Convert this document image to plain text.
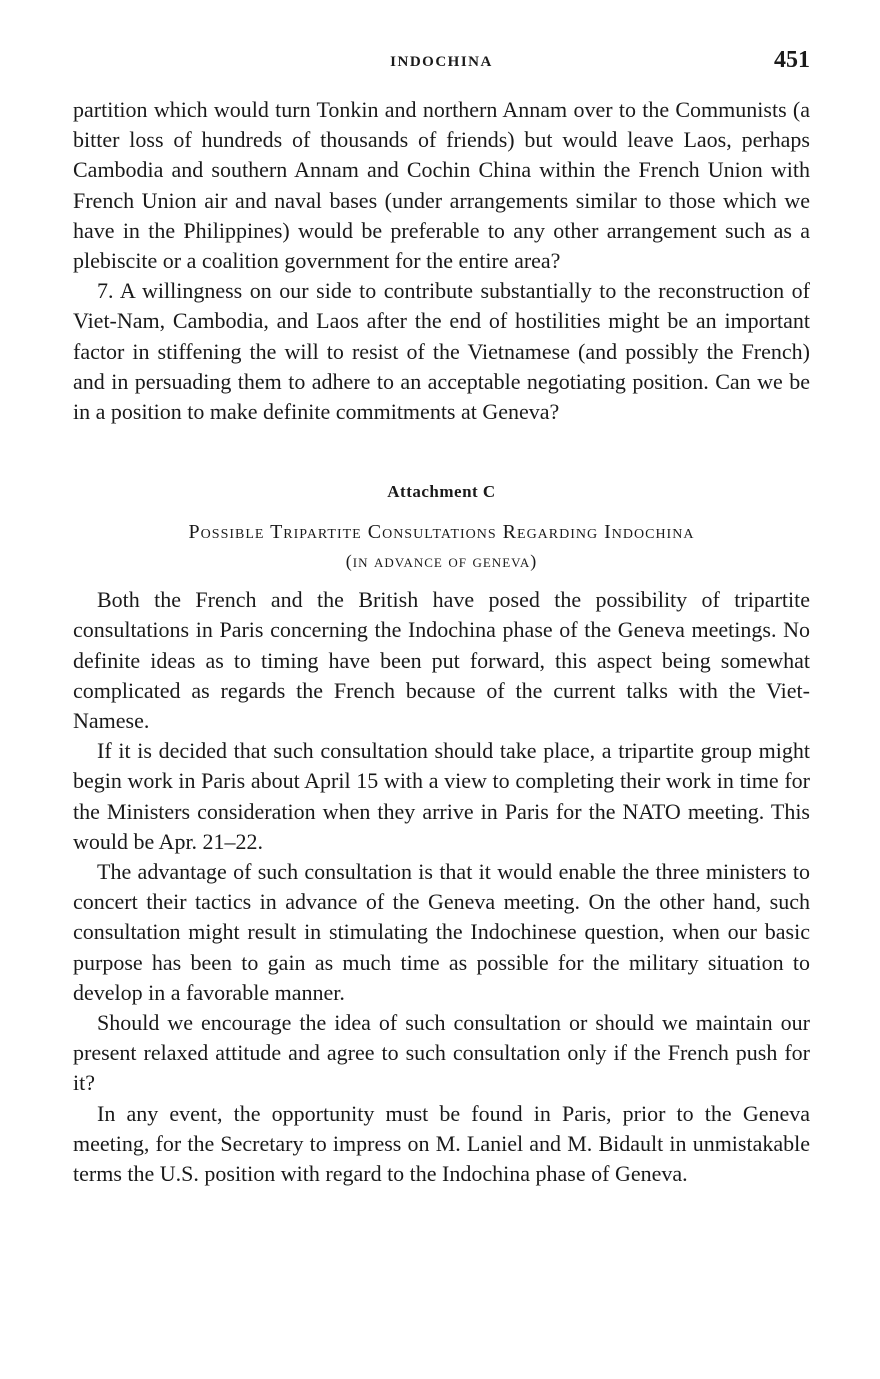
INDOCHINA	451

partition which would turn Tonkin and northern Annam over to the Communists (a bitter loss of hundreds of thousands of friends) but would leave Laos, perhaps Cambodia and southern Annam and Cochin China within the French Union with French Union air and naval bases (under arrangements similar to those which we have in the Philippines) would be preferable to any other arrangement such as a plebiscite or a coalition government for the entire area?

7. A willingness on our side to contribute substantially to the reconstruction of Viet-Nam, Cambodia, and Laos after the end of hostilities might be an important factor in stiffening the will to resist of the Vietnamese (and possibly the French) and in persuading them to adhere to an acceptable negotiating position. Can we be in a position to make definite commitments at Geneva?

Attachment C
Possible Tripartite Consultations Regarding Indochina
(in advance of geneva)

Both the French and the British have posed the possibility of tripartite consultations in Paris concerning the Indochina phase of the Geneva meetings. No definite ideas as to timing have been put forward, this aspect being somewhat complicated as regards the French because of the current talks with the Viet-Namese.

If it is decided that such consultation should take place, a tripartite group might begin work in Paris about April 15 with a view to completing their work in time for the Ministers consideration when they arrive in Paris for the NATO meeting. This would be Apr. 21–22.

The advantage of such consultation is that it would enable the three ministers to concert their tactics in advance of the Geneva meeting. On the other hand, such consultation might result in stimulating the Indochinese question, when our basic purpose has been to gain as much time as possible for the military situation to develop in a favorable manner.

Should we encourage the idea of such consultation or should we maintain our present relaxed attitude and agree to such consultation only if the French push for it?

In any event, the opportunity must be found in Paris, prior to the Geneva meeting, for the Secretary to impress on M. Laniel and M. Bidault in unmistakable terms the U.S. position with regard to the Indochina phase of Geneva.
